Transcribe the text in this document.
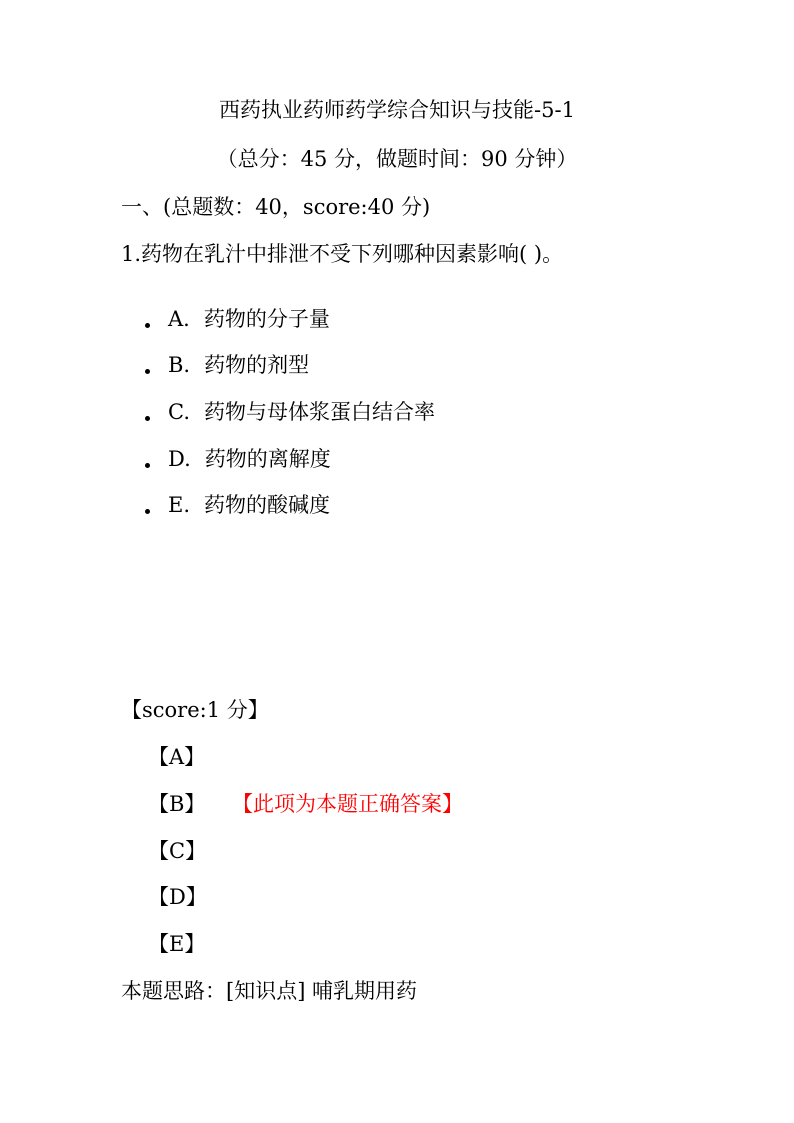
西药执业药师药学综合知识与技能-5-1
（总分：45 分，做题时间：90 分钟）
一、(总题数：40，score:40 分)
1.药物在乳汁中排泄不受下列哪种因素影响( )。
A. 药物的分子量
B. 药物的剂型
C. 药物与母体浆蛋白结合率
D. 药物的离解度
E. 药物的酸碱度
【score:1 分】
【A】
【B】 【此项为本题正确答案】
【C】
【D】
【E】
本题思路：[知识点] 哺乳期用药
